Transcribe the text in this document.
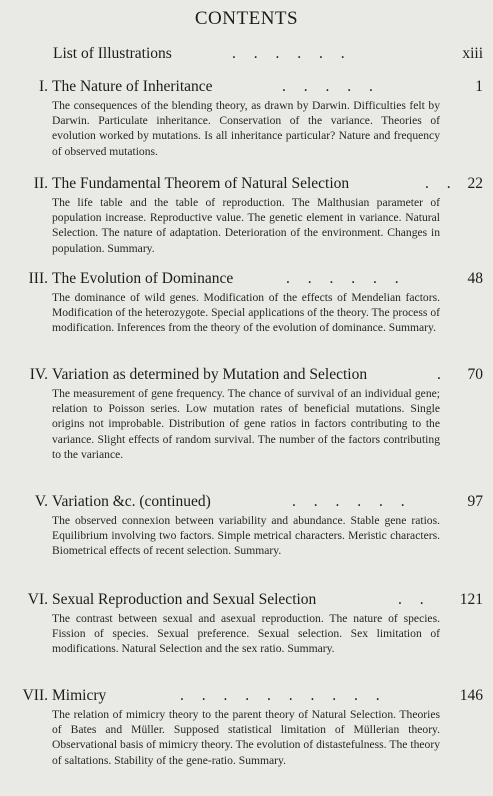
CONTENTS
List of Illustrations	. . . . . .	xiii
I. The Nature of Inheritance	. . . . .	1
The consequences of the blending theory, as drawn by Darwin. Difficulties felt by Darwin. Particulate inheritance. Conservation of the variance. Theories of evolution worked by mutations. Is all inheritance particular? Nature and frequency of observed mutations.
II. The Fundamental Theorem of Natural Selection	. . 22
The life table and the table of reproduction. The Malthusian parameter of population increase. Reproductive value. The genetic element in variance. Natural Selection. The nature of adaptation. Deterioration of the environment. Changes in population. Summary.
III. The Evolution of Dominance	. . . . . .	48
The dominance of wild genes. Modification of the effects of Mendelian factors. Modification of the heterozygote. Special applications of the theory. The process of modification. Inferences from the theory of the evolution of dominance. Summary.
IV. Variation as determined by Mutation and Selection	. 70
The measurement of gene frequency. The chance of survival of an individual gene; relation to Poisson series. Low mutation rates of beneficial mutations. Single origins not improbable. Distribution of gene ratios in factors contributing to the variance. Slight effects of random survival. The number of the factors contributing to the variance.
V. Variation &c. (continued)	. . . . . .	97
The observed connexion between variability and abundance. Stable gene ratios. Equilibrium involving two factors. Simple metrical characters. Meristic characters. Biometrical effects of recent selection. Summary.
VI. Sexual Reproduction and Sexual Selection	. . 121
The contrast between sexual and asexual reproduction. The nature of species. Fission of species. Sexual preference. Sexual selection. Sex limitation of modifications. Natural Selection and the sex ratio. Summary.
VII. Mimicry	. . . . . . . . . .	146
The relation of mimicry theory to the parent theory of Natural Selection. Theories of Bates and Müller. Supposed statistical limitation of Müllerian theory. Observational basis of mimicry theory. The evolution of distastefulness. The theory of saltations. Stability of the gene-ratio. Summary.
